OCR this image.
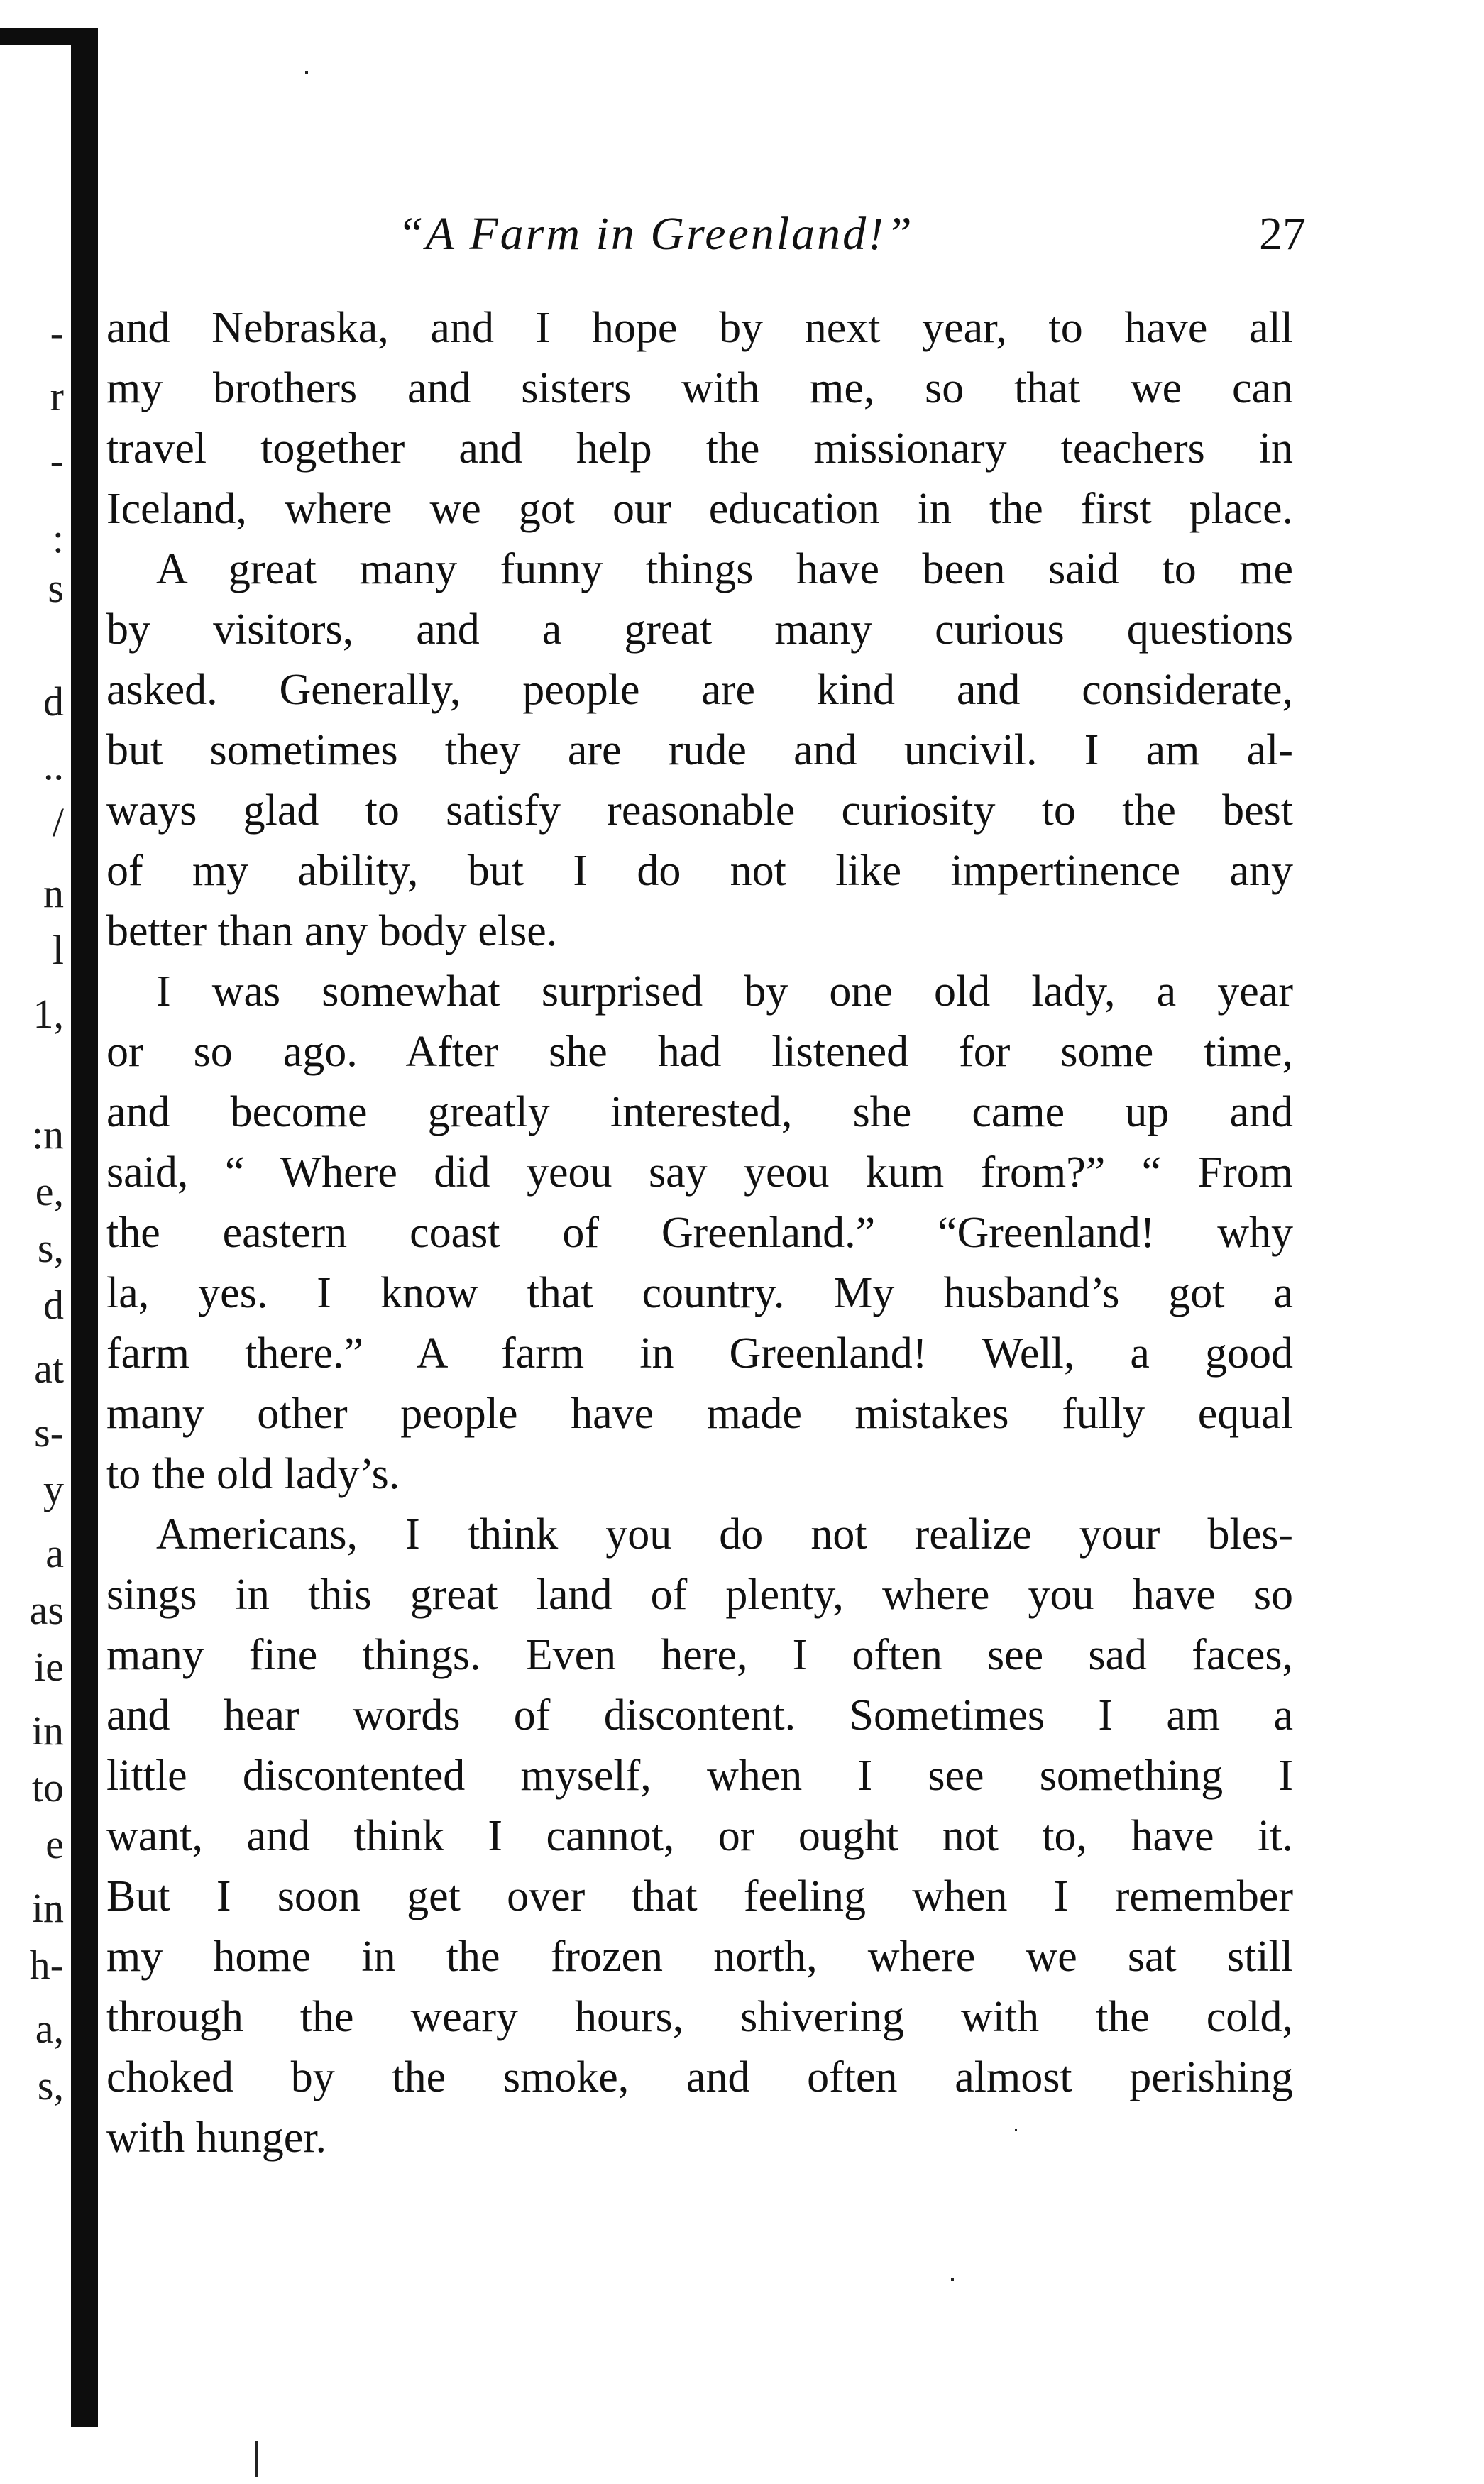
-
r
-
:
s
d
..
/
n
l
1,
:n
e,
s,
d
at
s-
y
a
as
ie
in
to
e
in
h-
a,
s,
“A Farm in Greenland!”	27
and Nebraska, and I hope by next year, to have all
my brothers and sisters with me, so that we can
travel together and help the missionary teachers in
Iceland, where we got our education in the first place.
A great many funny things have been said to me
by visitors, and a great many curious questions
asked. Generally, people are kind and considerate,
but sometimes they are rude and uncivil. I am al-
ways glad to satisfy reasonable curiosity to the best
of my ability, but I do not like impertinence any
better than any body else.
I was somewhat surprised by one old lady, a year
or so ago. After she had listened for some time,
and become greatly interested, she came up and
said, “ Where did yeou say yeou kum from?” “ From
the eastern coast of Greenland.” “Greenland! why
la, yes. I know that country. My husband’s got a
farm there.” A farm in Greenland! Well, a good
many other people have made mistakes fully equal
to the old lady’s.
Americans, I think you do not realize your bles-
sings in this great land of plenty, where you have so
many fine things. Even here, I often see sad faces,
and hear words of discontent. Sometimes I am a
little discontented myself, when I see something I
want, and think I cannot, or ought not to, have it.
But I soon get over that feeling when I remember
my home in the frozen north, where we sat still
through the weary hours, shivering with the cold,
choked by the smoke, and often almost perishing
with hunger.
